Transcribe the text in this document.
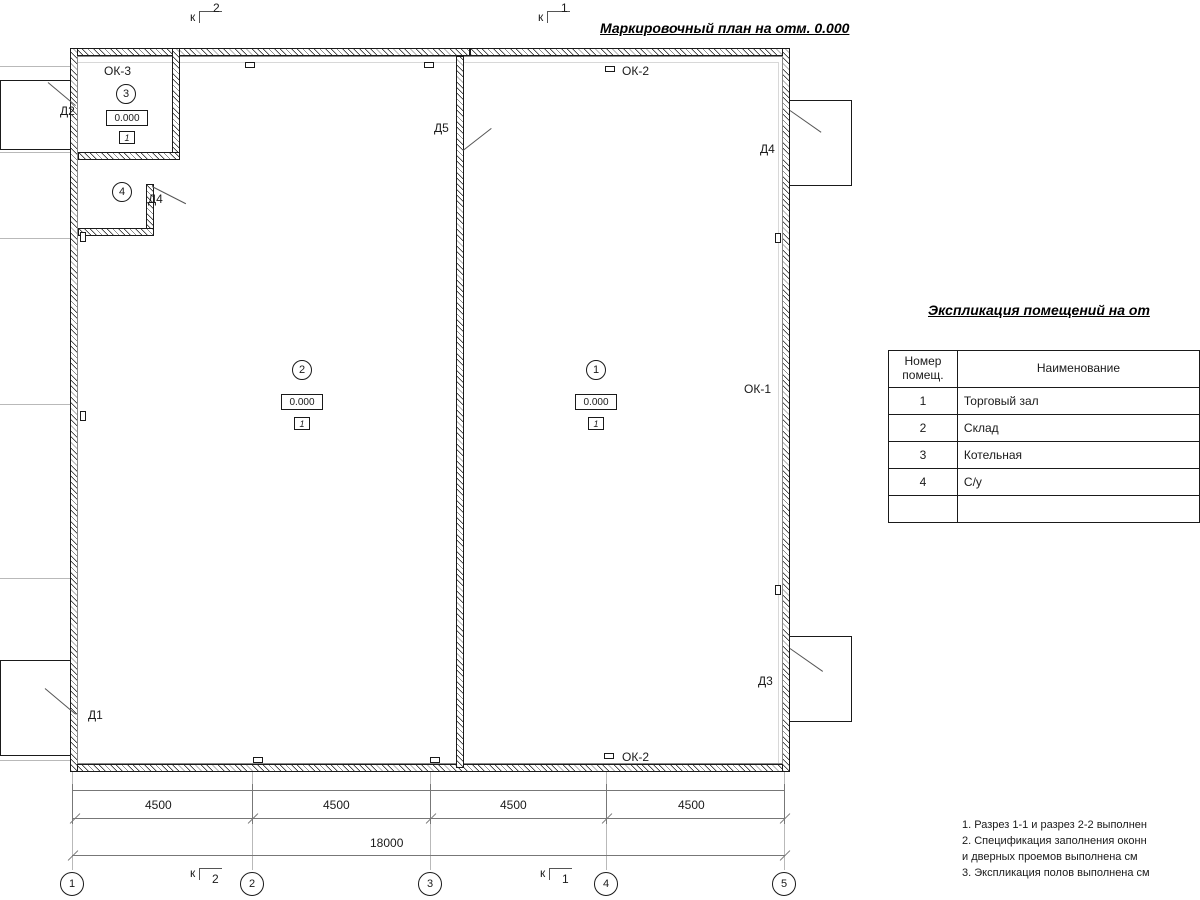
Маркировочный план на отм. 0.000
к
2
к
1
Д2
Д1
Д3
Д4
Д4
Д5
ОК-3	ОК-2
ОК-2
ОК-1
3
0.000
1
4
2
0.000
1
1
0.000
1
4500	4500	4500	4500
18000
1	2	3	4	5
к 2	к 1
Экспликация помещений на от
Номер
помещ.	Наименование
1	Торговый зал
2	Склад
3	Котельная
4	С/у

1. Разрез 1-1 и разрез 2-2 выполнен
2. Спецификация заполнения оконн
и дверных проемов выполнена см
3. Экспликация полов выполнена см
